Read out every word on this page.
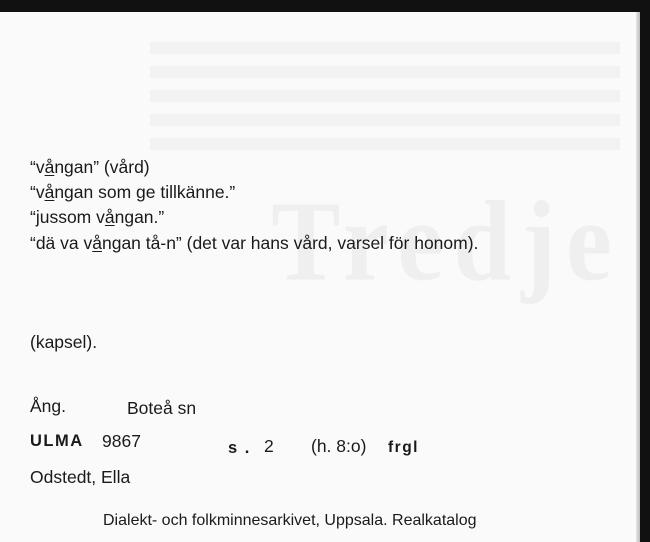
“vångan” (vård)
“vångan som ge tillkänne.”
“jussom vångan.”
“dä va vångan tå-n” (det var hans vård, varsel för honom).
(kapsel).
Ång.	Boteå sn
ULMA 9867	s . 2 (h. 8:o) frgl
Odstedt, Ella
Dialekt- och folkminnesarkivet, Uppsala. Realkatalog
